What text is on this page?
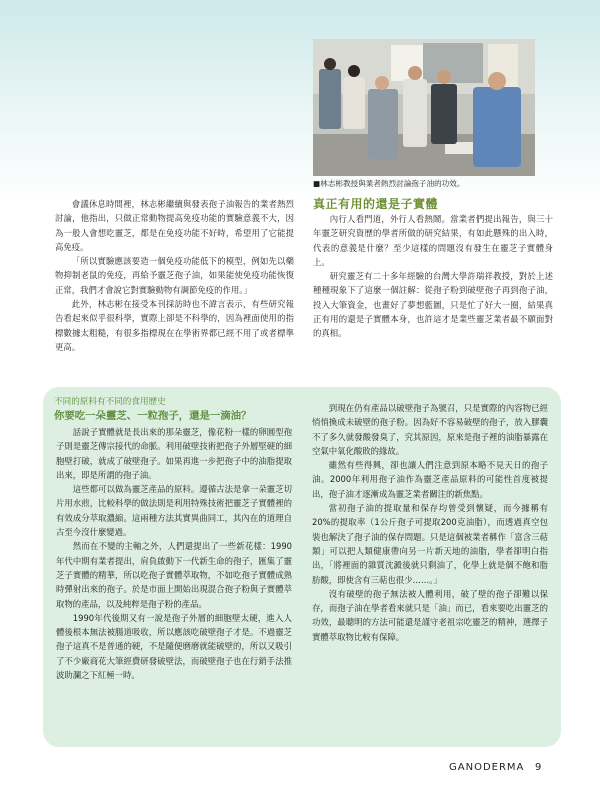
■林志彬教授與業者熱烈討論孢子油的功效。

會議休息時間裡，林志彬繼續與發表孢子油報告的業者熱烈討論，他指出，只做正常動物提高免疫功能的實驗意義不大，因為一般人會想吃靈芝，都是在免疫功能不好時，希望用了它能提高免疫。

「所以實驗應該要造一個免疫功能低下的模型，例如先以藥物抑制老鼠的免疫，再給予靈芝孢子油，如果能使免疫功能恢復正常，我們才會說它對實驗動物有調節免疫的作用。」

此外，林志彬在接受本刊採訪時也不諱言表示，有些研究報告看起來似乎很科學，實際上卻是不科學的，因為裡面使用的指標數據太粗糙，有很多指標現在在學術界都已經不用了或者標準更高。

真正有用的還是子實體

內行人看門道，外行人看熱鬧。當業者們提出報告，與三十年靈芝研究資歷的學者所做的研究結果，有如此懸殊的出入時，代表的意義是什麼？至少這樣的問題沒有發生在靈芝子實體身上。

研究靈芝有二十多年經驗的台灣大學許瑞祥教授，對於上述種種現象下了這麼一個註解：從孢子粉到破壁孢子再到孢子油，投入大筆資金，也畫好了夢想藍圖，只是忙了好大一圈，結果真正有用的還是子實體本身，也許這才是業些靈芝業者最不願面對的真相。

不同的原料有不同的食用歷史
你要吃一朵靈芝、一粒孢子，還是一滴油？

話說子實體就是長出來的那朵靈芝，像花粉一樣的卵圓型孢子則是靈芝傳宗接代的命脈。利用破壁技術把孢子外層堅硬的細胞壁打破，就成了破壁孢子。如果再進一步把孢子中的油脂提取出來，即是所謂的孢子油。

這些都可以做為靈芝產品的原料。遵循古法是拿一朵靈芝切片用水煎，比較科學的做法則是利用特殊技術把靈芝子實體裡的有效成分萃取濃縮。這兩種方法其實異曲同工，其內在的道理自古至今沒什麼變過。

然而在不變的主軸之外，人們還提出了一些新花樣：1990年代中期有業者提出，肩負啟動下一代新生命的孢子，匯集了靈芝子實體的精華，所以吃孢子實體萃取物，不如吃孢子實體成熟時彈射出來的孢子。於是市面上開始出現混合孢子粉與子實體萃取物的產品，以及純粹是孢子粉的產品。

1990年代後期又有一說是孢子外層的細胞壁太硬，進入人體後根本無法被腸道吸收，所以應該吃破壁孢子才是。不過靈芝孢子這真不是普通的硬，不是隨便磨磨就能破壁的，所以又吸引了不少廠商花大筆經費研發破壁法，而破壁孢子也在行銷手法推波助瀾之下紅極一時。

到現在仍有產品以破壁孢子為號召，只是實際的內容物已經悄悄換成未破壁的孢子粉。因為好不容易破壁的孢子，放入膠囊不了多久就發酸發臭了，究其原因，原來是孢子裡的油脂暴露在空氣中氧化酸敗的緣故。

雖然有些得興，卻也讓人們注意到原本略不見天日的孢子油。2000年利用孢子油作為靈芝產品原料的可能性首度被提出，孢子油才逐漸成為靈芝業者關注的新焦點。

當初孢子油的提取量和保存均曾受到懷疑，而今據稱有20%的提取率（1公斤孢子可提取200克油脂），而透過真空包裝也解決了孢子油的保存問題。只是這個被業者稱作「富含三萜類」可以把人類健康帶向另一片新天地的油脂，學者卻明白指出，「將裡面的雜質沈澱後就只剩油了，化學上就是個不飽和脂肪酸，即使含有三萜也很少……。」

沒有破壁的孢子無法被人體利用，破了壁的孢子卻難以保存，而孢子油在學者看來就只是「油」而已，看來要吃出靈芝的功效，最聰明的方法可能還是謹守老祖宗吃靈芝的精神，選擇子實體萃取物比較有保障。

GANODERMA 9
